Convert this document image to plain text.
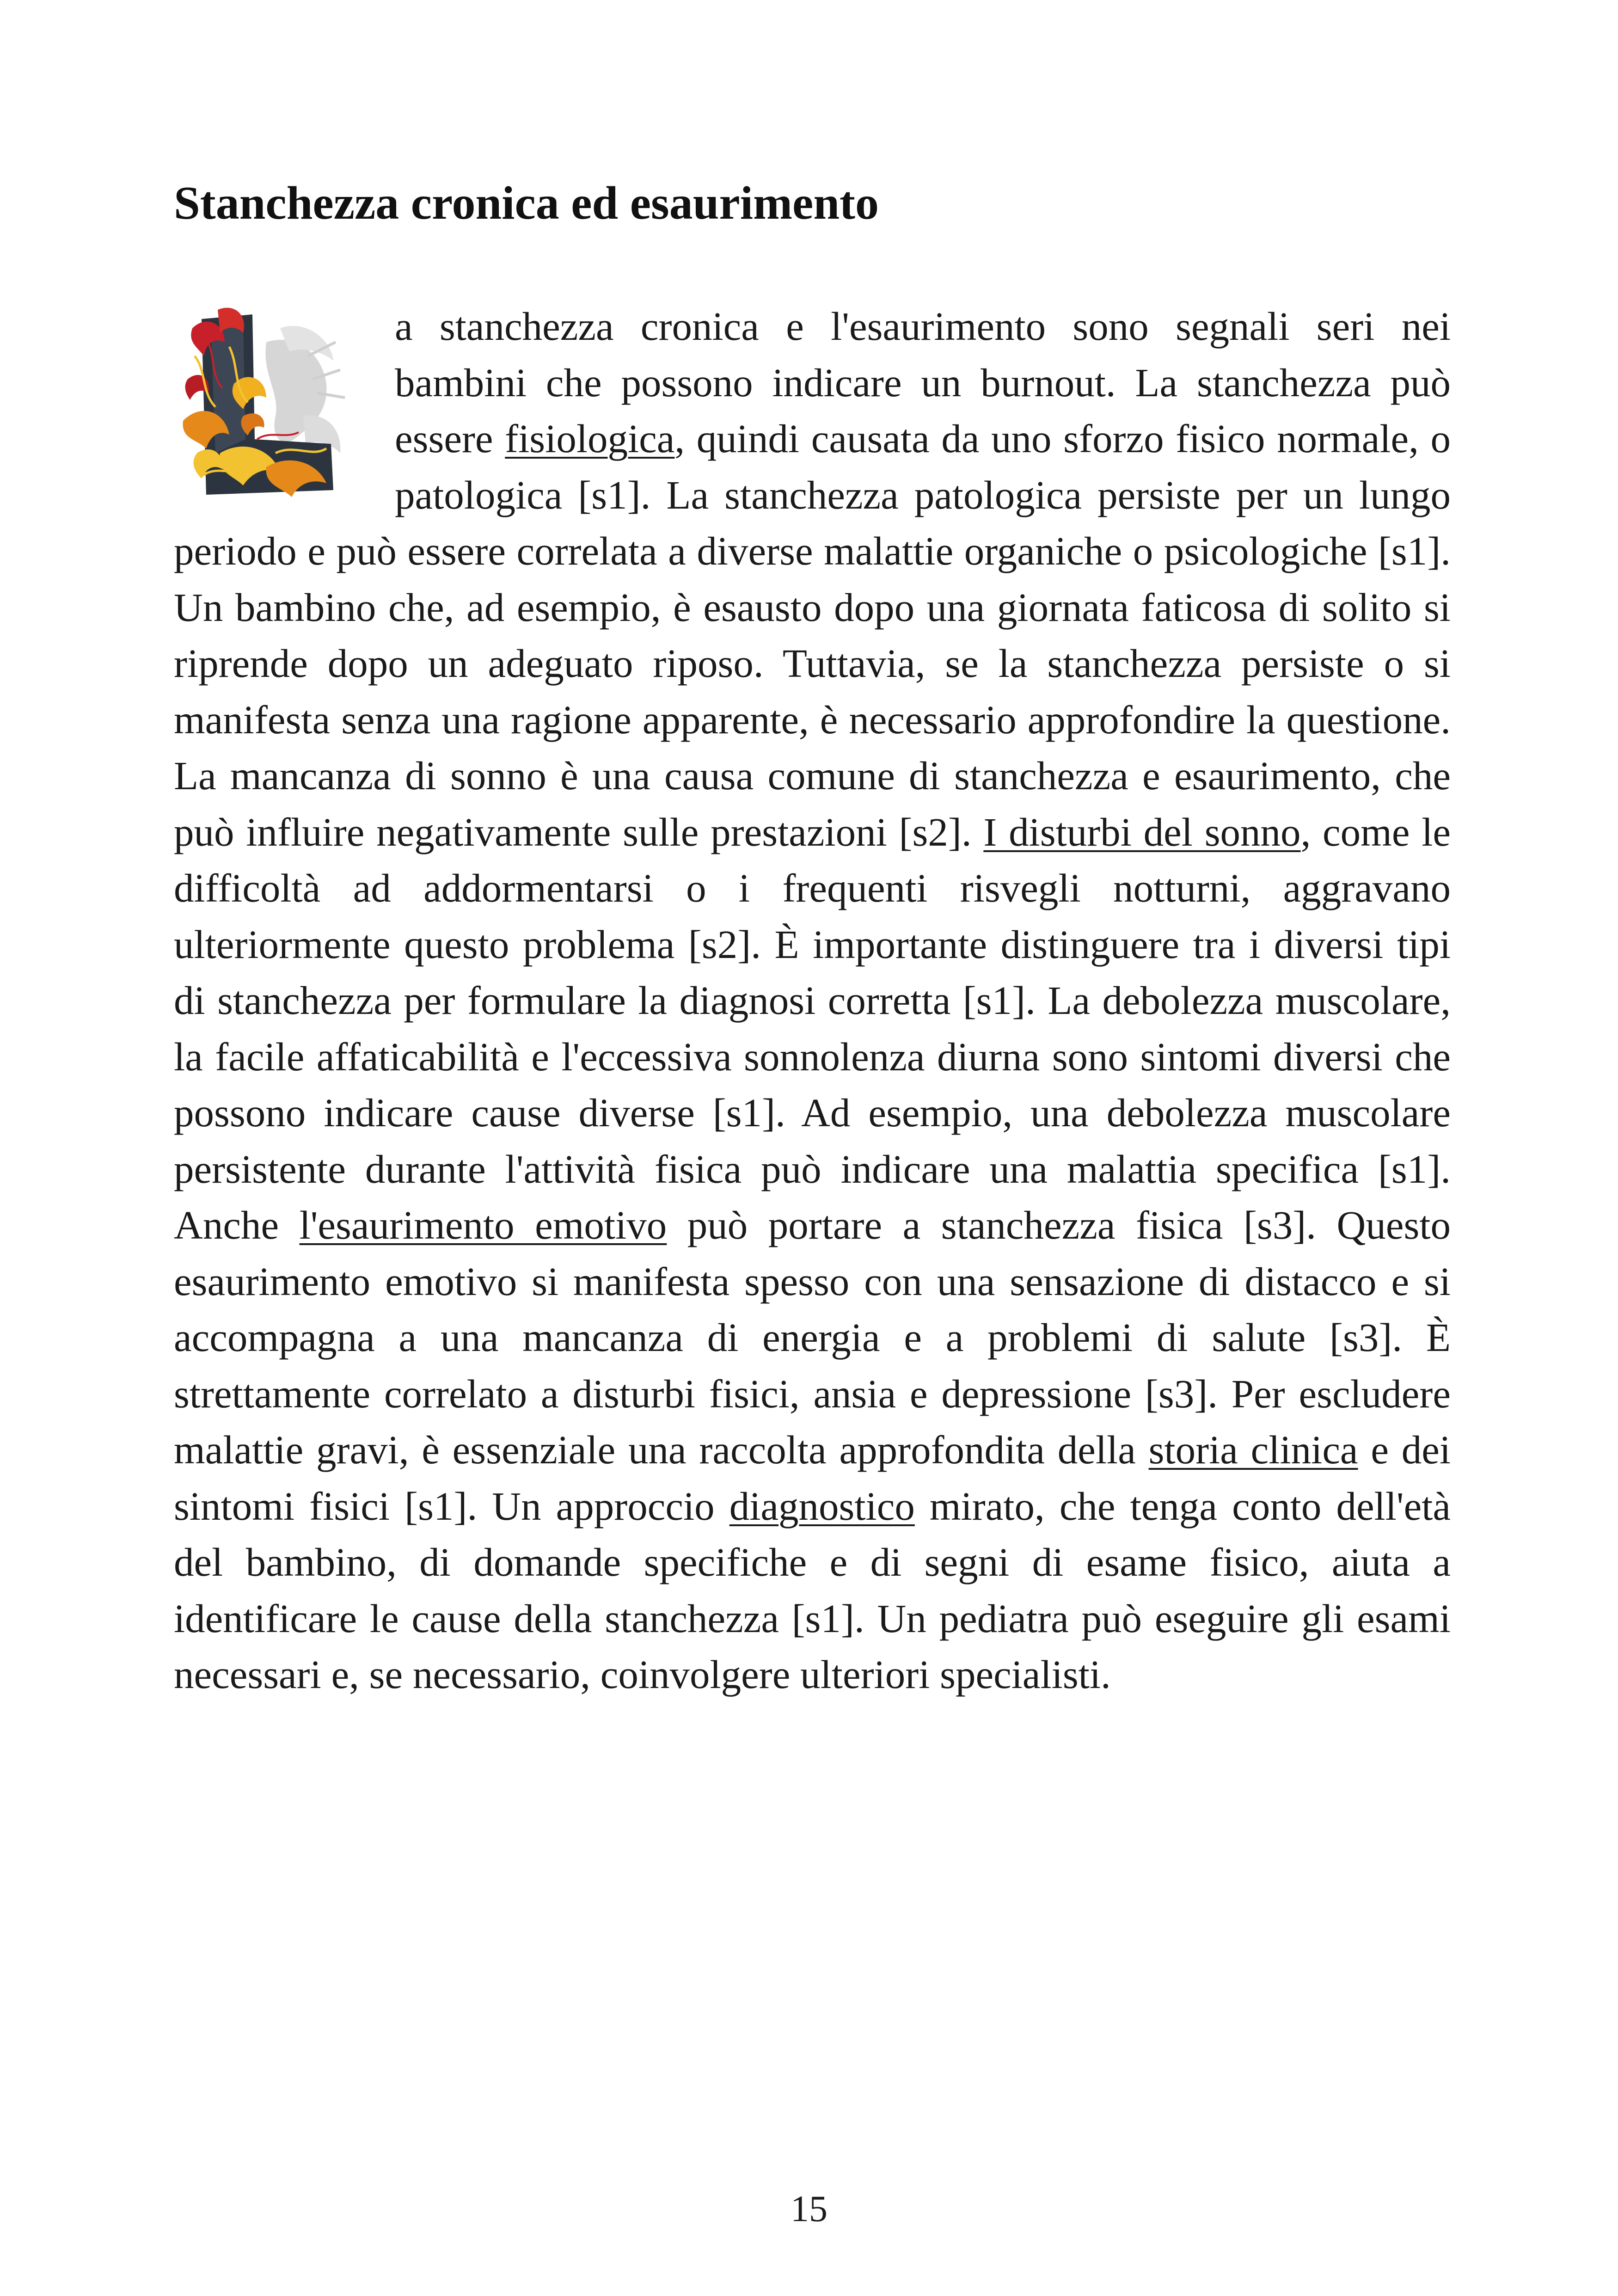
Stanchezza cronica ed esaurimento
a stanchezza cronica e l'esaurimento sono segnali seri nei bambini che possono indicare un burnout. La stanchezza può essere fisiologica, quindi causata da uno sforzo fisico normale, o patologica [s1]. La stanchezza patologica persiste per un lungo periodo e può essere correlata a diverse malattie organiche o psicologiche [s1]. Un bambino che, ad esempio, è esausto dopo una giornata faticosa di solito si riprende dopo un adeguato riposo. Tuttavia, se la stanchezza persiste o si manifesta senza una ragione apparente, è necessario approfondire la questione. La mancanza di sonno è una causa comune di stanchezza e esaurimento, che può influire negativamente sulle prestazioni [s2]. I disturbi del sonno, come le difficoltà ad addormentarsi o i frequenti risvegli notturni, aggravano ulteriormente questo problema [s2]. È importante distinguere tra i diversi tipi di stanchezza per formulare la diagnosi corretta [s1]. La debolezza muscolare, la facile affaticabilità e l'eccessiva sonnolenza diurna sono sintomi diversi che possono indicare cause diverse [s1]. Ad esempio, una debolezza muscolare persistente durante l'attività fisica può indicare una malattia specifica [s1]. Anche l'esaurimento emotivo può portare a stanchezza fisica [s3]. Questo esaurimento emotivo si manifesta spesso con una sensazione di distacco e si accompagna a una mancanza di energia e a problemi di salute [s3]. È strettamente correlato a disturbi fisici, ansia e depressione [s3]. Per escludere malattie gravi, è essenziale una raccolta approfondita della storia clinica e dei sintomi fisici [s1]. Un approccio diagnostico mirato, che tenga conto dell'età del bambino, di domande specifiche e di segni di esame fisico, aiuta a identificare le cause della stanchezza [s1]. Un pediatra può eseguire gli esami necessari e, se necessario, coinvolgere ulteriori specialisti.
15
